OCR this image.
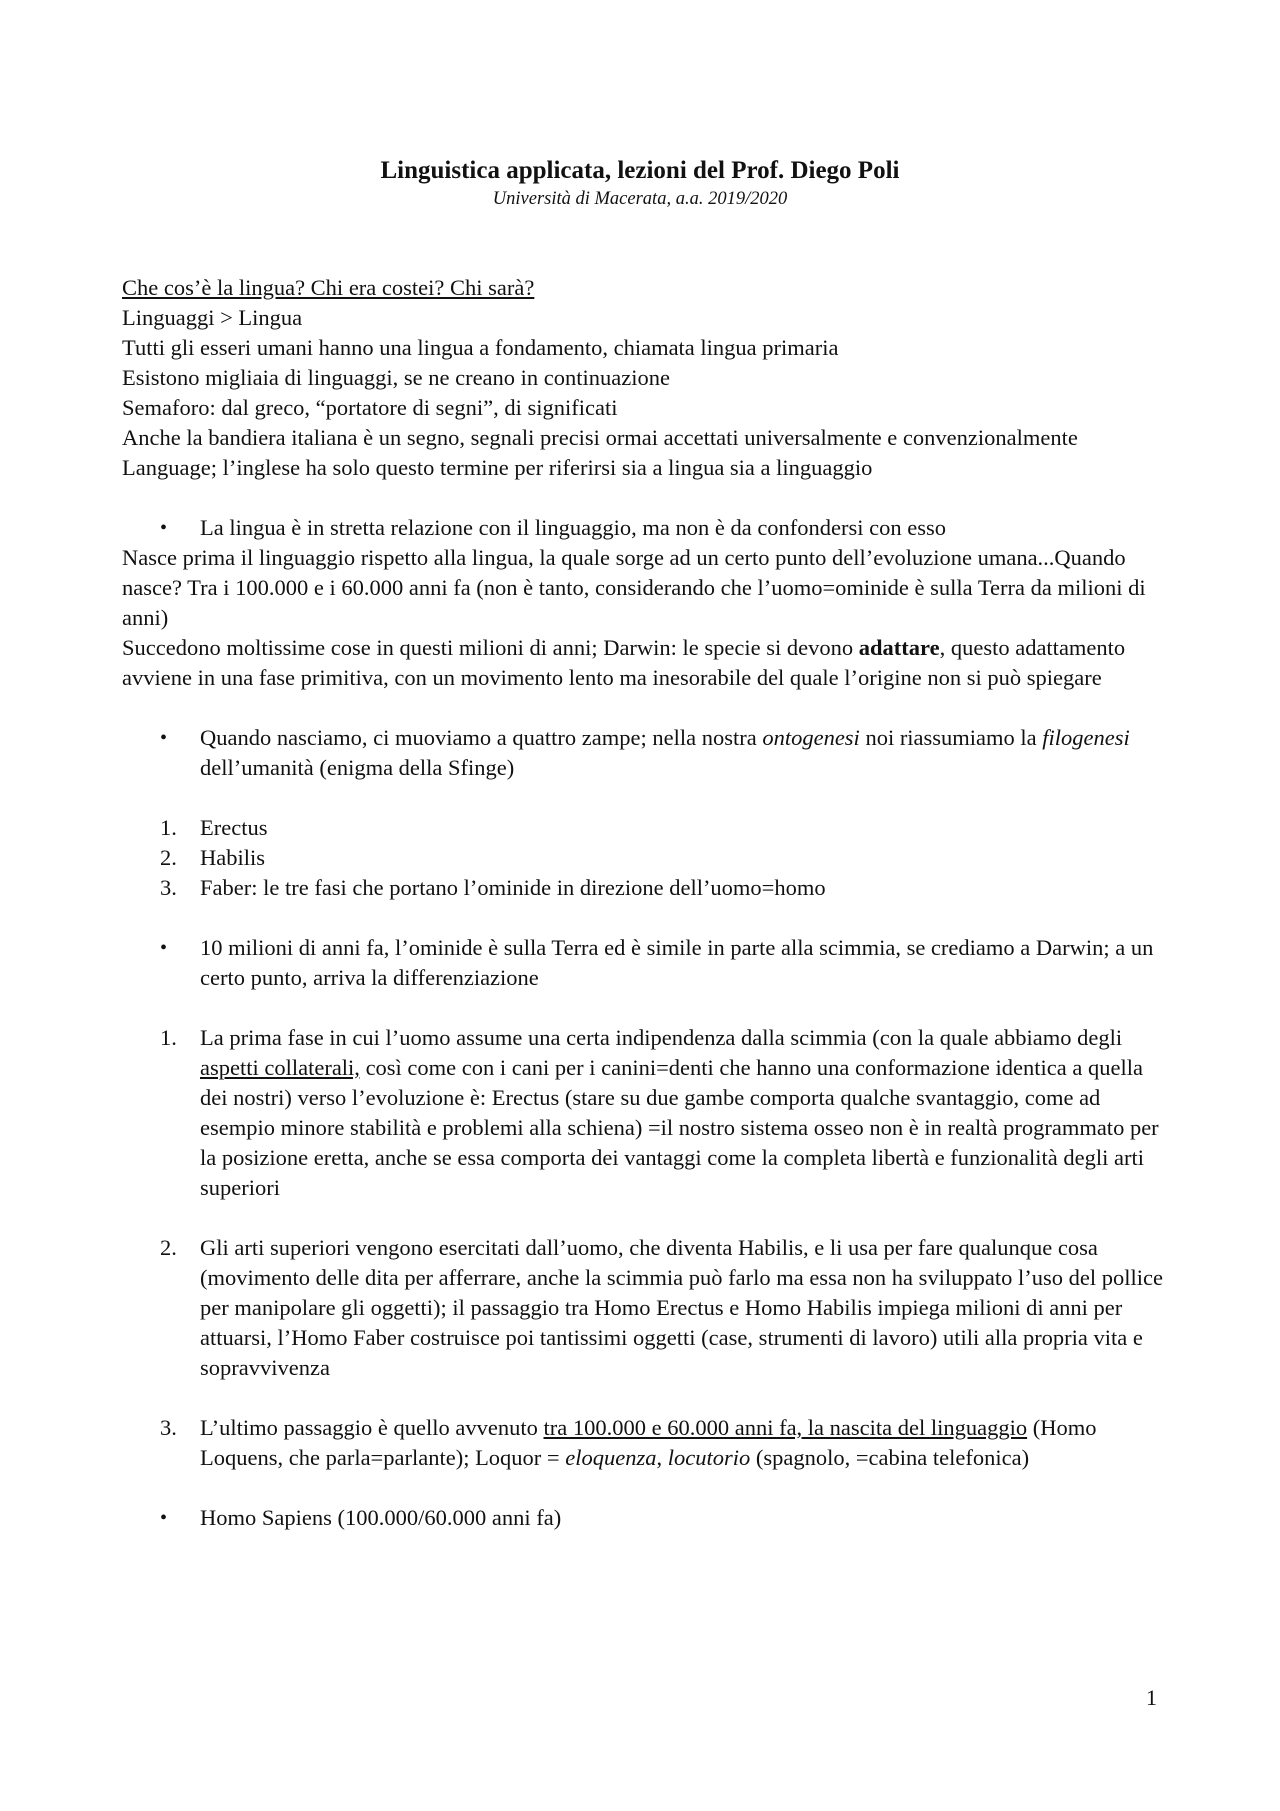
Linguistica applicata, lezioni del Prof. Diego Poli
Università di Macerata, a.a. 2019/2020

Che cos’è la lingua? Chi era costei? Chi sarà?

Linguaggi > Lingua

Tutti gli esseri umani hanno una lingua a fondamento, chiamata lingua primaria

Esistono migliaia di linguaggi, se ne creano in continuazione

Semaforo: dal greco, “portatore di segni”, di significati

Anche la bandiera italiana è un segno, segnali precisi ormai accettati universalmente e convenzionalmente

Language; l’inglese ha solo questo termine per riferirsi sia a lingua sia a linguaggio

•	La lingua è in stretta relazione con il linguaggio, ma non è da confondersi con esso

Nasce prima il linguaggio rispetto alla lingua, la quale sorge ad un certo punto dell’evoluzione umana...Quando nasce? Tra i 100.000 e i 60.000 anni fa (non è tanto, considerando che l’uomo=ominide è sulla Terra da milioni di anni)

Succedono moltissime cose in questi milioni di anni; Darwin: le specie si devono adattare, questo adattamento avviene in una fase primitiva, con un movimento lento ma inesorabile del quale l’origine non si può spiegare

•	Quando nasciamo, ci muoviamo a quattro zampe; nella nostra ontogenesi noi riassumiamo la filogenesi dell’umanità (enigma della Sfinge)
1.	Erectus
2.	Habilis
3.	Faber: le tre fasi che portano l’ominide in direzione dell’uomo=homo
•	10 milioni di anni fa, l’ominide è sulla Terra ed è simile in parte alla scimmia, se crediamo a Darwin; a un certo punto, arriva la differenziazione
1.	La prima fase in cui l’uomo assume una certa indipendenza dalla scimmia (con la quale abbiamo degli aspetti collaterali, così come con i cani per i canini=denti che hanno una conformazione identica a quella dei nostri) verso l’evoluzione è: Erectus (stare su due gambe comporta qualche svantaggio, come ad esempio minore stabilità e problemi alla schiena) =il nostro sistema osseo non è in realtà programmato per la posizione eretta, anche se essa comporta dei vantaggi come la completa libertà e funzionalità degli arti superiori
2.	Gli arti superiori vengono esercitati dall’uomo, che diventa Habilis, e li usa per fare qualunque cosa (movimento delle dita per afferrare, anche la scimmia può farlo ma essa non ha sviluppato l’uso del pollice per manipolare gli oggetti); il passaggio tra Homo Erectus e Homo Habilis impiega milioni di anni per attuarsi, l’Homo Faber costruisce poi tantissimi oggetti (case, strumenti di lavoro) utili alla propria vita e sopravvivenza
3.	L’ultimo passaggio è quello avvenuto tra 100.000 e 60.000 anni fa, la nascita del linguaggio (Homo Loquens, che parla=parlante); Loquor = eloquenza, locutorio (spagnolo, =cabina telefonica)
•	Homo Sapiens (100.000/60.000 anni fa)
1
